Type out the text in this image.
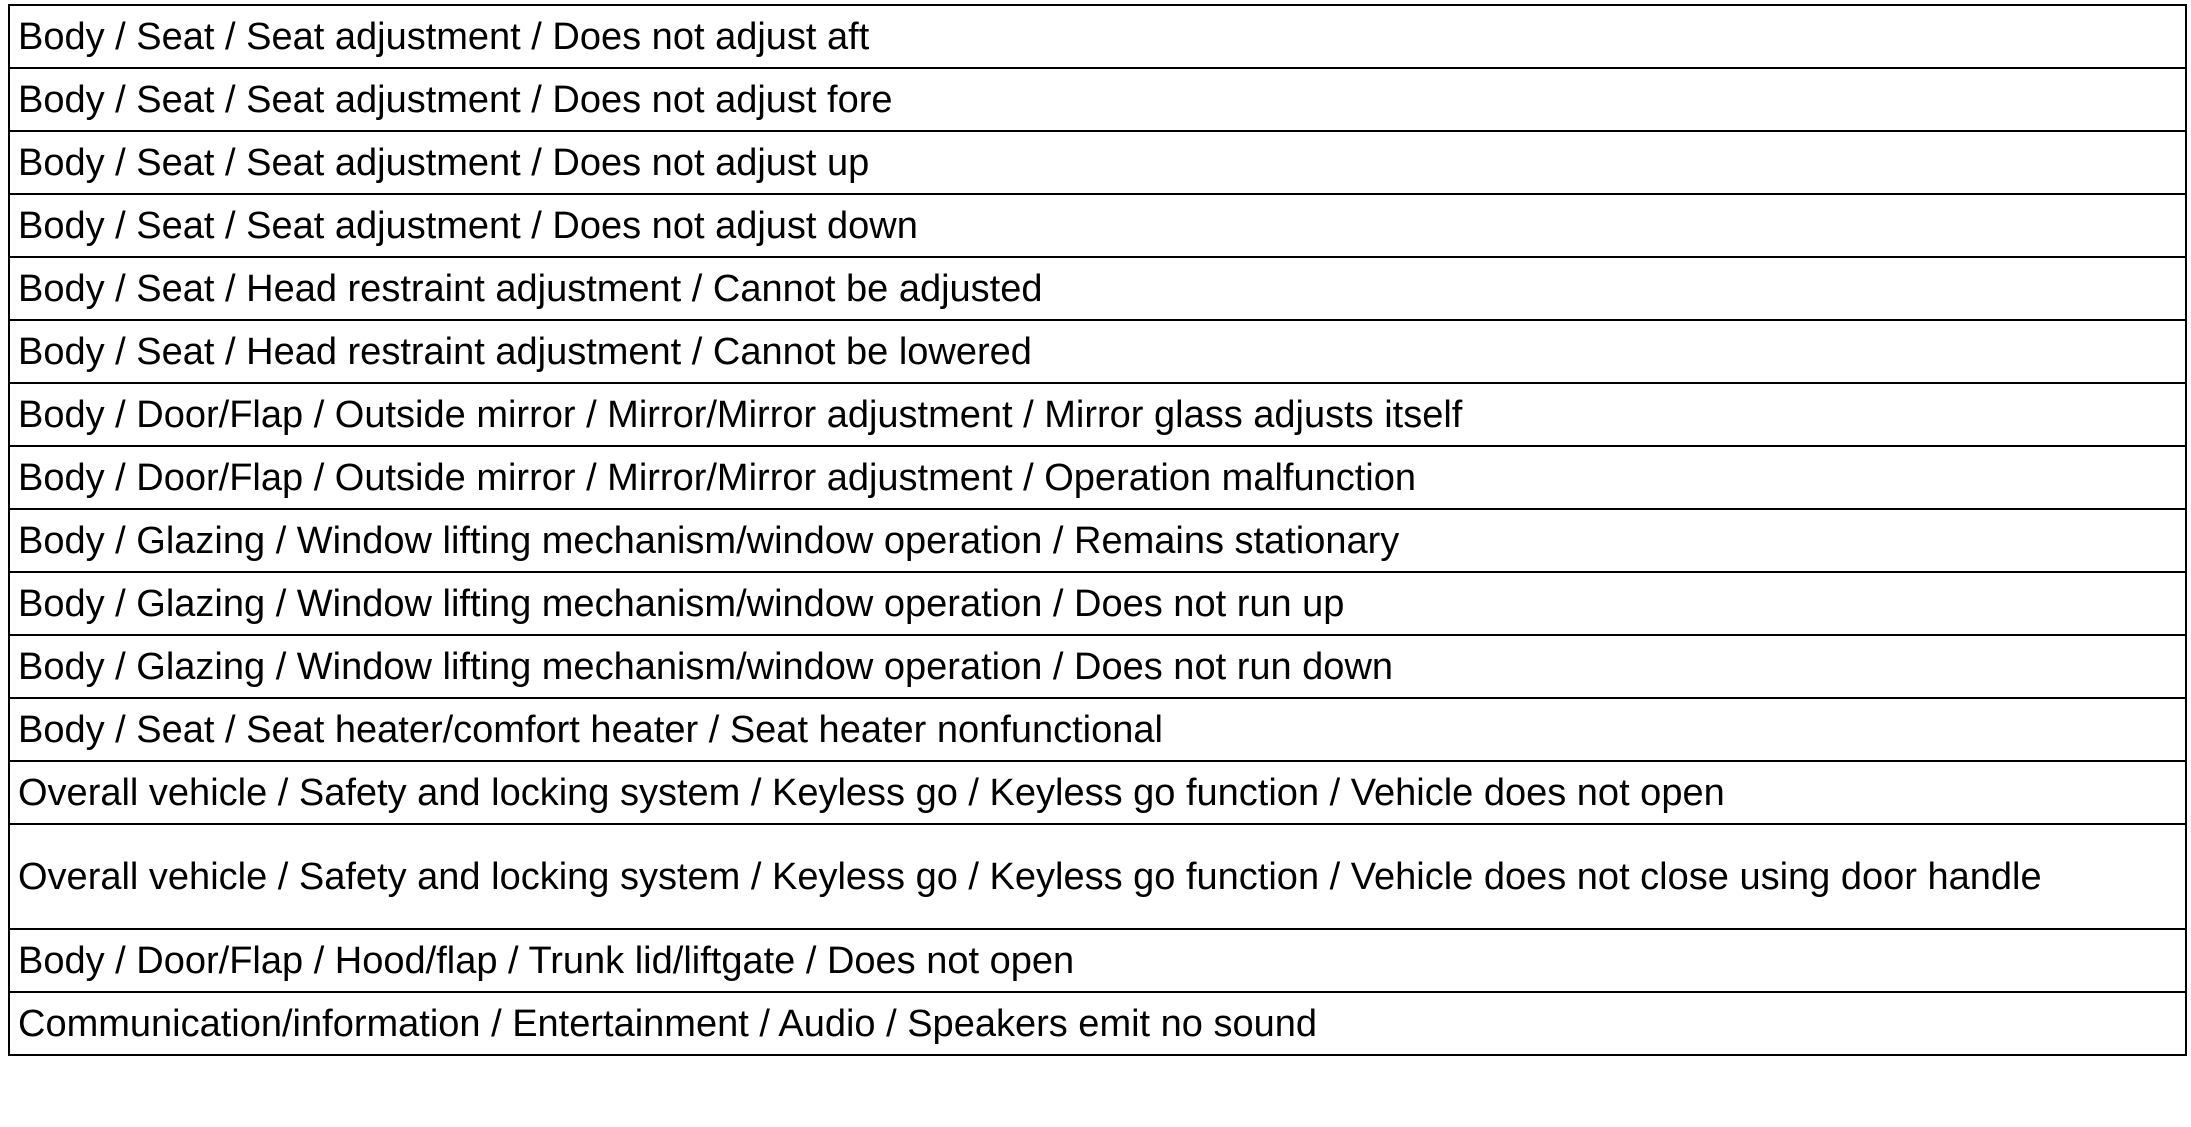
Body / Seat / Seat adjustment / Does not adjust aft
Body / Seat / Seat adjustment / Does not adjust fore
Body / Seat / Seat adjustment / Does not adjust up
Body / Seat / Seat adjustment / Does not adjust down
Body / Seat / Head restraint adjustment / Cannot be adjusted
Body / Seat / Head restraint adjustment / Cannot be lowered
Body / Door/Flap / Outside mirror / Mirror/Mirror adjustment / Mirror glass adjusts itself
Body / Door/Flap / Outside mirror / Mirror/Mirror adjustment / Operation malfunction
Body / Glazing / Window lifting mechanism/window operation / Remains stationary
Body / Glazing / Window lifting mechanism/window operation / Does not run up
Body / Glazing / Window lifting mechanism/window operation / Does not run down
Body / Seat / Seat heater/comfort heater / Seat heater nonfunctional
Overall vehicle / Safety and locking system / Keyless go / Keyless go function / Vehicle does not open
Overall vehicle / Safety and locking system / Keyless go / Keyless go function / Vehicle does not close using door handle
Body / Door/Flap / Hood/flap / Trunk lid/liftgate / Does not open
Communication/information / Entertainment / Audio / Speakers emit no sound
